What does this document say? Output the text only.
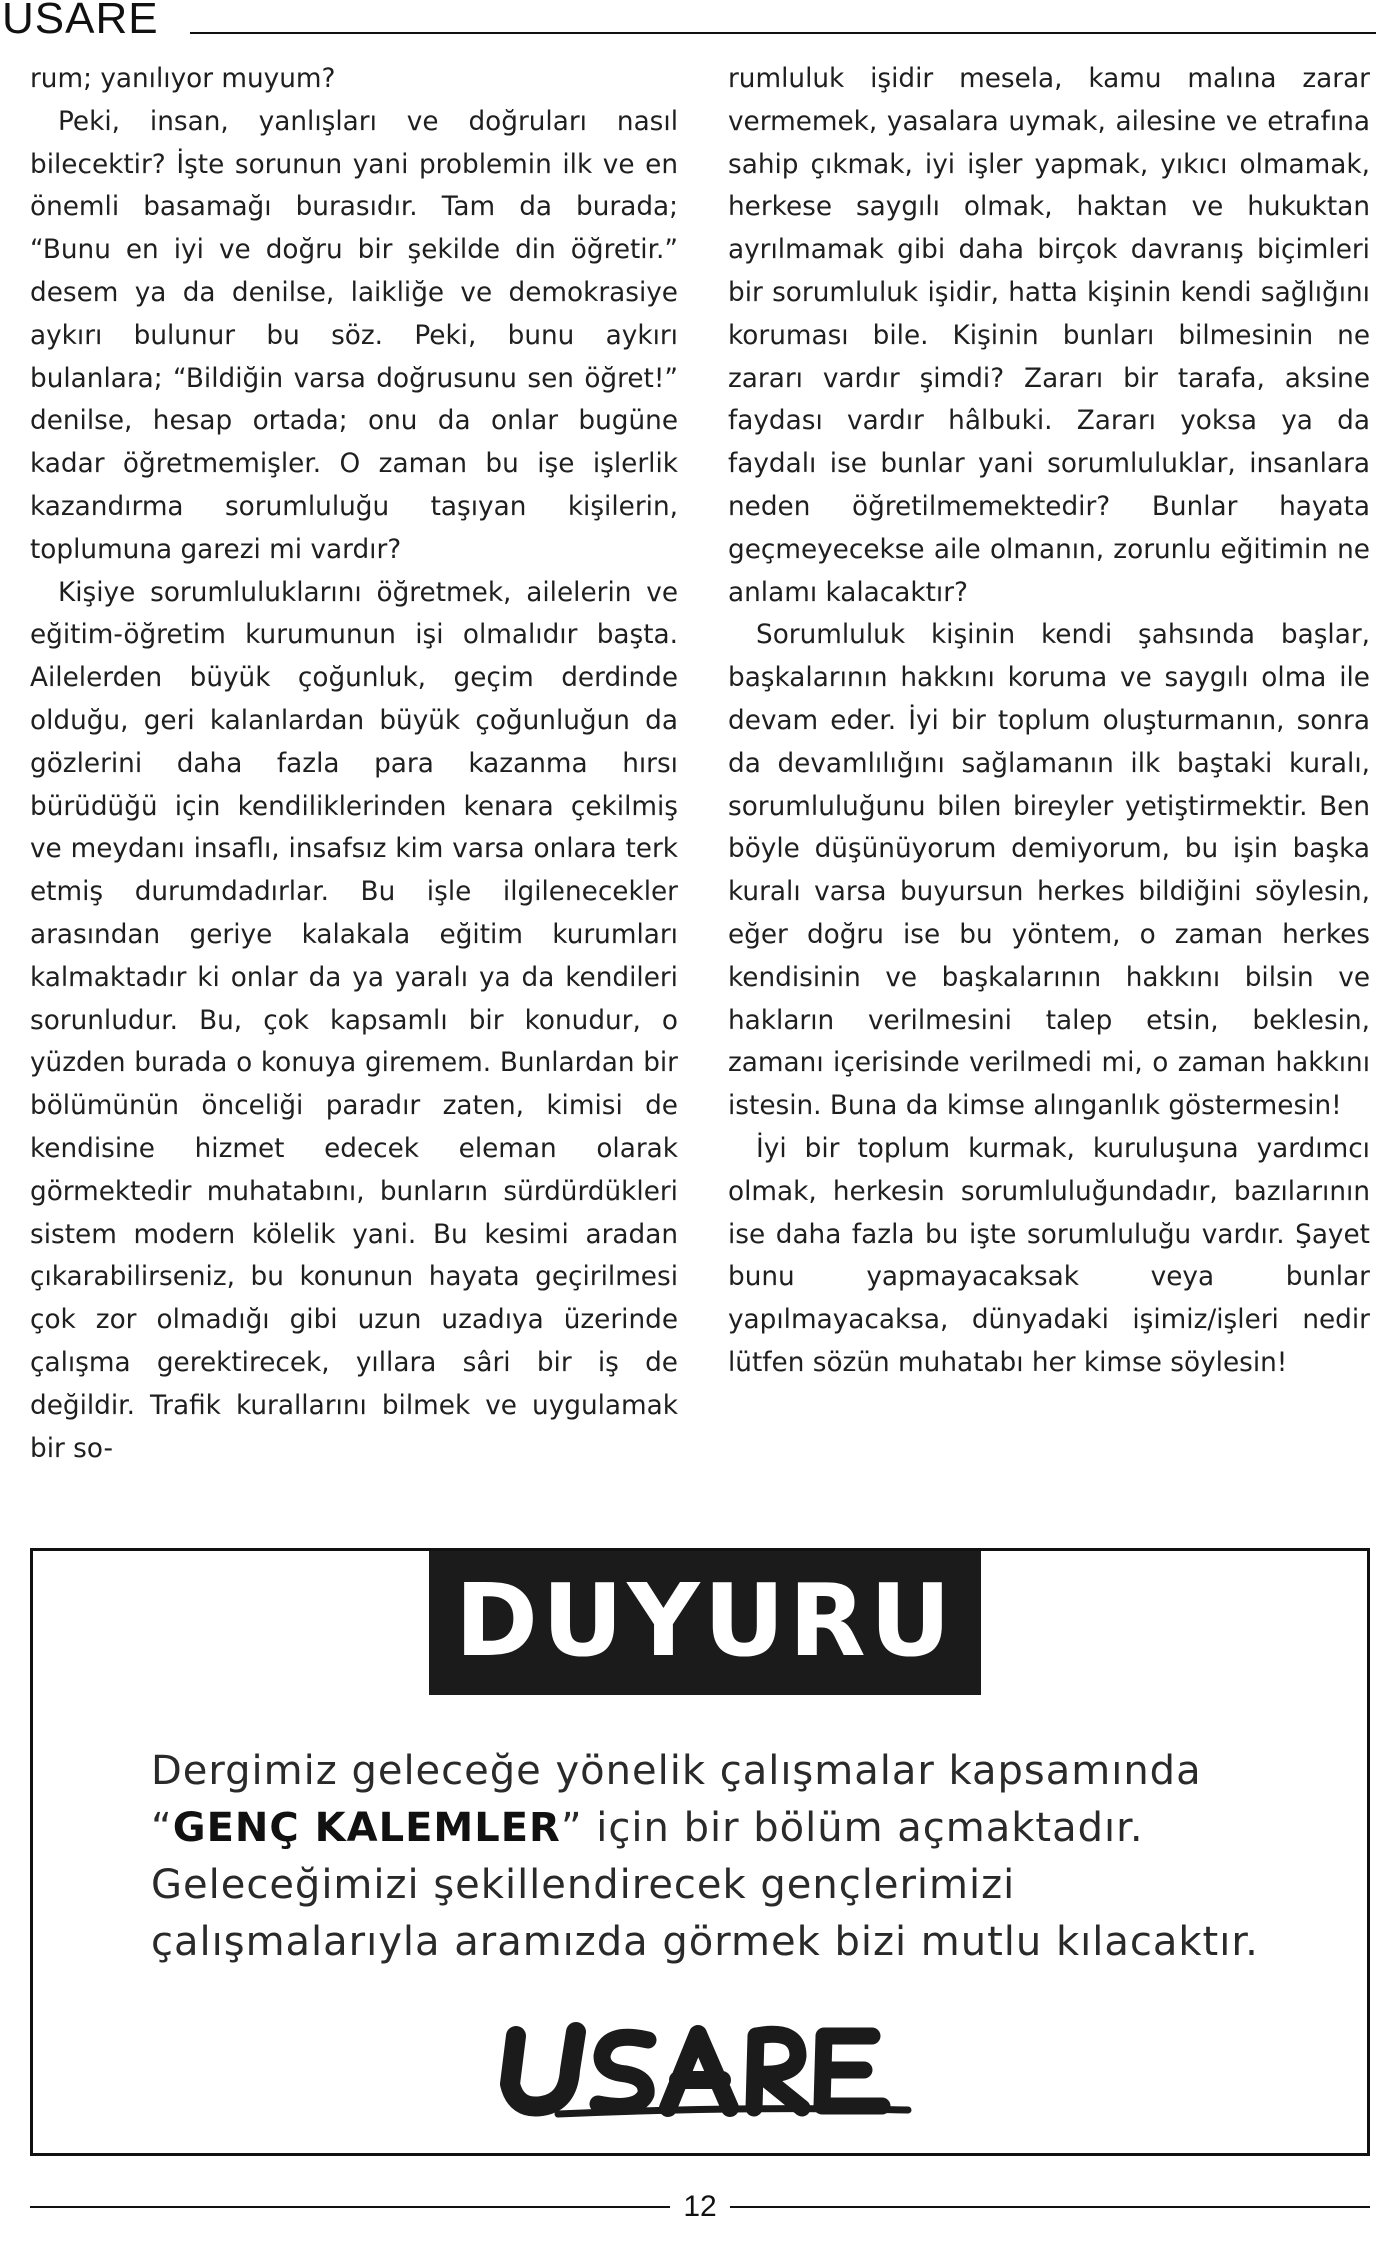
USARE

rum; yanılıyor muyum?

Peki, insan, yanlışları ve doğruları nasıl bilecektir? İşte sorunun yani problemin ilk ve en önemli basamağı burasıdır. Tam da burada; “Bunu en iyi ve doğru bir şekilde din öğretir.” desem ya da denilse, laikliğe ve demokrasiye aykırı bulunur bu söz. Peki, bunu aykırı bulanlara; “Bildiğin varsa doğrusunu sen öğret!” denilse, hesap ortada; onu da onlar bugüne kadar öğretmemişler. O zaman bu işe işlerlik kazandırma sorumluluğu taşıyan kişilerin, toplumuna garezi mi vardır?

Kişiye sorumluluklarını öğretmek, ailelerin ve eğitim-öğretim kurumunun işi olmalıdır başta. Ailelerden büyük çoğunluk, geçim derdinde olduğu, geri kalanlardan büyük çoğunluğun da gözlerini daha fazla para kazanma hırsı bürüdüğü için kendiliklerinden kenara çekilmiş ve meydanı insaflı, insafsız kim varsa onlara terk etmiş durumdadırlar. Bu işle ilgilenecekler arasından geriye kalakala eğitim kurumları kalmaktadır ki onlar da ya yaralı ya da kendileri sorunludur. Bu, çok kapsamlı bir konudur, o yüzden burada o konuya giremem. Bunlardan bir bölümünün önceliği paradır zaten, kimisi de kendisine hizmet edecek eleman olarak görmektedir muhatabını, bunların sürdürdükleri sistem modern kölelik yani. Bu kesimi aradan çıkarabilirseniz, bu konunun hayata geçirilmesi çok zor olmadığı gibi uzun uzadıya üzerinde çalışma gerektirecek, yıllara sâri bir iş de değildir. Trafik kurallarını bilmek ve uygulamak bir so-

rumluluk işidir mesela, kamu malına zarar vermemek, yasalara uymak, ailesine ve etrafına sahip çıkmak, iyi işler yapmak, yıkıcı olmamak, herkese saygılı olmak, haktan ve hukuktan ayrılmamak gibi daha birçok davranış biçimleri bir sorumluluk işidir, hatta kişinin kendi sağlığını koruması bile. Kişinin bunları bilmesinin ne zararı vardır şimdi? Zararı bir tarafa, aksine faydası vardır hâlbuki. Zararı yoksa ya da faydalı ise bunlar yani sorumluluklar, insanlara neden öğretilmemektedir? Bunlar hayata geçmeyecekse aile olmanın, zorunlu eğitimin ne anlamı kalacaktır?

Sorumluluk kişinin kendi şahsında başlar, başkalarının hakkını koruma ve saygılı olma ile devam eder. İyi bir toplum oluşturmanın, sonra da devamlılığını sağlamanın ilk baştaki kuralı, sorumluluğunu bilen bireyler yetiştirmektir. Ben böyle düşünüyorum demiyorum, bu işin başka kuralı varsa buyursun herkes bildiğini söylesin, eğer doğru ise bu yöntem, o zaman herkes kendisinin ve başkalarının hakkını bilsin ve hakların verilmesini talep etsin, beklesin, zamanı içerisinde verilmedi mi, o zaman hakkını istesin. Buna da kimse alınganlık göstermesin!

İyi bir toplum kurmak, kuruluşuna yardımcı olmak, herkesin sorumluluğundadır, bazılarının ise daha fazla bu işte sorumluluğu vardır. Şayet bunu yapmayacaksak veya bunlar yapılmayacaksa, dünyadaki işimiz/işleri nedir lütfen sözün muhatabı her kimse söylesin!

DUYURU
Dergimiz geleceğe yönelik çalışmalar kapsamında
“GENÇ KALEMLER” için bir bölüm açmaktadır.
Geleceğimizi şekillendirecek gençlerimizi çalışmalarıyla aramızda görmek bizi mutlu kılacaktır.
12
